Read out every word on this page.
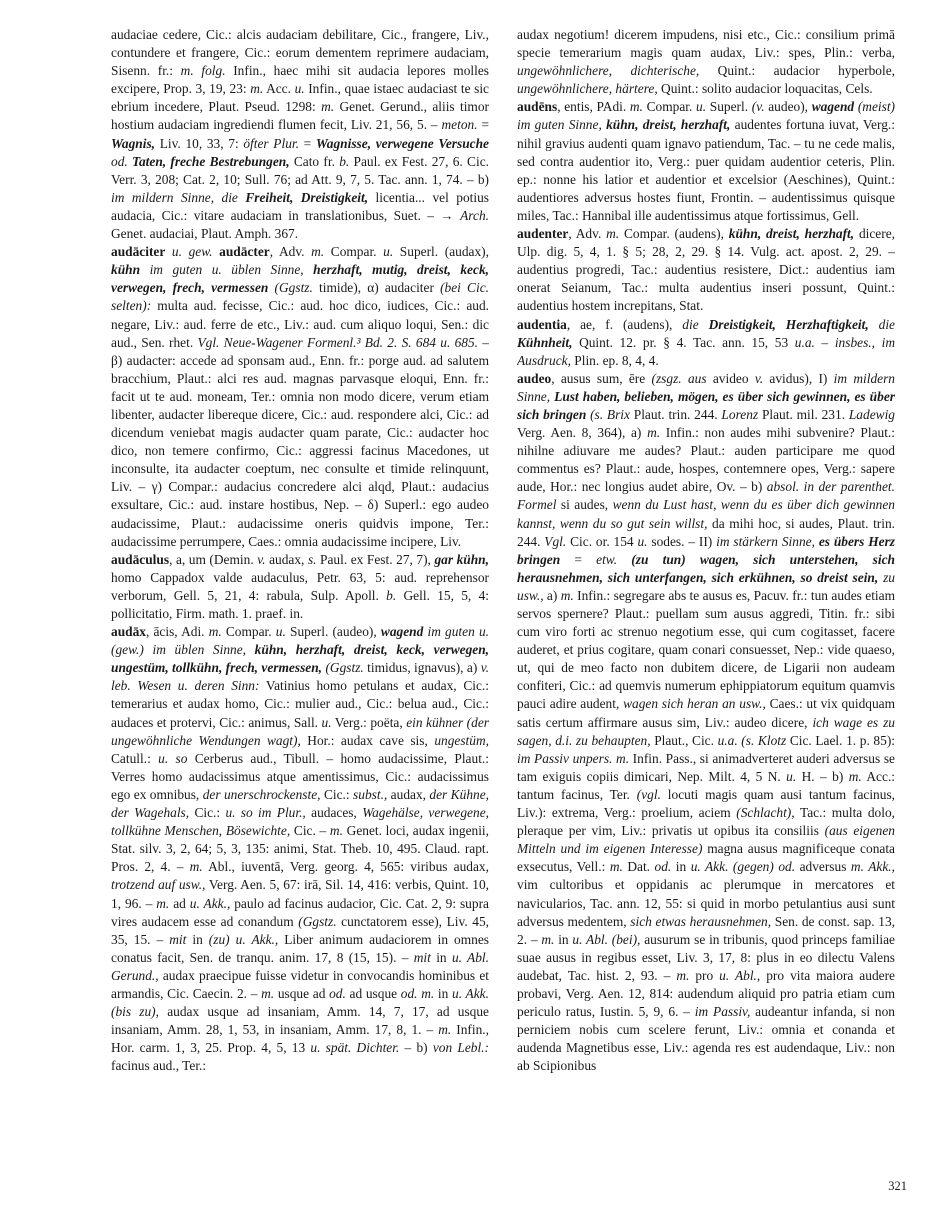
audaciae cedere, Cic.: alcis audaciam debilitare, Cic., frangere, Liv., contundere et frangere, Cic.: eorum dementem reprimere audaciam, Sisenn. fr.: m. folg. Infin., haec mihi sit audacia lepores molles excipere, Prop. 3, 19, 23: m. Acc. u. Infin., quae istaec audaciast te sic ebrium incedere, Plaut. Pseud. 1298: m. Genet. Gerund., aliis timor hostium audaciam ingrediendi flumen fecit, Liv. 21, 56, 5. – meton. = Wagnis, Liv. 10, 33, 7: öfter Plur. = Wagnisse, verwegene Versuche od. Taten, freche Bestrebungen, Cato fr. b. Paul. ex Fest. 27, 6. Cic. Verr. 3, 208; Cat. 2, 10; Sull. 76; ad Att. 9, 7, 5. Tac. ann. 1, 74. – b) im mildern Sinne, die Freiheit, Dreistigkeit, licentia... vel potius audacia, Cic.: vitare audaciam in translationibus, Suet. – → Arch. Genet. audaciai, Plaut. Amph. 367.

audāciter u. gew. audācter, Adv. m. Compar. u. Superl. (audax), kühn im guten u. üblen Sinne, herzhaft, mutig, dreist, keck, verwegen, frech, vermessen (Ggstz. timide), α) audaciter (bei Cic. selten): multa aud. fecisse, Cic.: aud. hoc dico, iudices, Cic.: aud. negare, Liv.: aud. ferre de etc., Liv.: aud. cum aliquo loqui, Sen.: dic aud., Sen. rhet. Vgl. Neue-Wagener Formenl.³ Bd. 2. S. 684 u. 685. – β) audacter: accede ad sponsam aud., Enn. fr.: porge aud. ad salutem bracchium, Plaut.: alci res aud. magnas parvasque eloqui, Enn. fr.: facit ut te aud. moneam, Ter.: omnia non modo dicere, verum etiam libenter, audacter libereque dicere, Cic.: aud. respondere alci, Cic.: ad dicendum veniebat magis audacter quam parate, Cic.: audacter hoc dico, non temere confirmo, Cic.: aggressi facinus Macedones, ut inconsulte, ita audacter coeptum, nec consulte et timide relinquunt, Liv. – γ) Compar.: audacius concredere alci alqd, Plaut.: audacius exsultare, Cic.: aud. instare hostibus, Nep. – δ) Superl.: ego audeo audacissime, Plaut.: audacissime oneris quidvis impone, Ter.: audacissime perrumpere, Caes.: omnia audacissime incipere, Liv.

audāculus, a, um (Demin. v. audax, s. Paul. ex Fest. 27, 7), gar kühn, homo Cappadox valde audaculus, Petr. 63, 5: aud. reprehensor verborum, Gell. 5, 21, 4: rabula, Sulp. Apoll. b. Gell. 15, 5, 4: pollicitatio, Firm. math. 1. praef. in.

audāx, ācis, Adi. m. Compar. u. Superl. (audeo), wagend im guten u. (gew.) im üblen Sinne, kühn, herzhaft, dreist, keck, verwegen, ungestüm, tollkühn, frech, vermessen, (Ggstz. timidus, ignavus), a) v. leb. Wesen u. deren Sinn: Vatinius homo petulans et audax, Cic.: temerarius et audax homo, Cic.: mulier aud., Cic.: belua aud., Cic.: audaces et protervi, Cic.: animus, Sall. u. Verg.: poëta, ein kühner (der ungewöhnliche Wendungen wagt), Hor.: audax cave sis, ungestüm, Catull.: u. so Cerberus aud., Tibull. – homo audacissime, Plaut.: Verres homo audacissimus atque amentissimus, Cic.: audacissimus ego ex omnibus, der unerschrockenste, Cic.: subst., audax, der Kühne, der Wagehals, Cic.: u. so im Plur., audaces, Wagehälse, verwegene, tollkühne Menschen, Bösewichte, Cic. – m. Genet. loci, audax ingenii, Stat. silv. 3, 2, 64; 5, 3, 135: animi, Stat. Theb. 10, 495. Claud. rapt. Pros. 2, 4. – m. Abl., iuventā, Verg. georg. 4, 565: viribus audax, trotzend auf usw., Verg. Aen. 5, 67: irā, Sil. 14, 416: verbis, Quint. 10, 1, 96. – m. ad u. Akk., paulo ad facinus audacior, Cic. Cat. 2, 9: supra vires audacem esse ad conandum (Ggstz. cunctatorem esse), Liv. 45, 35, 15. – mit in (zu) u. Akk., Liber animum audaciorem in omnes conatus facit, Sen. de tranqu. anim. 17, 8 (15, 15). – mit in u. Abl. Gerund., audax praecipue fuisse videtur in convocandis hominibus et armandis, Cic. Caecin. 2. – m. usque ad od. ad usque od. m. in u. Akk. (bis zu), audax usque ad insaniam, Amm. 14, 7, 17, ad usque insaniam, Amm. 28, 1, 53, in insaniam, Amm. 17, 8, 1. – m. Infin., Hor. carm. 1, 3, 25. Prop. 4, 5, 13 u. spät. Dichter. – b) von Lebl.: facinus aud., Ter.:

audax negotium! dicerem impudens, nisi etc., Cic.: consilium primā specie temerarium magis quam audax, Liv.: spes, Plin.: verba, ungewöhnlichere, dichterische, Quint.: audacior hyperbole, ungewöhnlichere, härtere, Quint.: solito audacior loquacitas, Cels.

audēns, entis, PAdi. m. Compar. u. Superl. (v. audeo), wagend (meist) im guten Sinne, kühn, dreist, herzhaft, audentes fortuna iuvat, Verg.: nihil gravius audenti quam ignavo patiendum, Tac. – tu ne cede malis, sed contra audentior ito, Verg.: puer quidam audentior ceteris, Plin. ep.: nonne his latior et audentior et excelsior (Aeschines), Quint.: audentiores adversus hostes fiunt, Frontin. – audentissimus quisque miles, Tac.: Hannibal ille audentissimus atque fortissimus, Gell.

audenter, Adv. m. Compar. (audens), kühn, dreist, herzhaft, dicere, Ulp. dig. 5, 4, 1. § 5; 28, 2, 29. § 14. Vulg. act. apost. 2, 29. – audentius progredi, Tac.: audentius resistere, Dict.: audentius iam onerat Seianum, Tac.: multa audentius inseri possunt, Quint.: audentius hostem increpitans, Stat.

audentia, ae, f. (audens), die Dreistigkeit, Herzhaftigkeit, die Kühnheit, Quint. 12. pr. § 4. Tac. ann. 15, 53 u.a. – insbes., im Ausdruck, Plin. ep. 8, 4, 4.

audeo, ausus sum, ēre (zsgz. aus avideo v. avidus), I) im mildern Sinne, Lust haben, belieben, mögen, es über sich gewinnen, es über sich bringen (s. Brix Plaut. trin. 244. Lorenz Plaut. mil. 231. Ladewig Verg. Aen. 8, 364), a) m. Infin.: non audes mihi subvenire? Plaut.: nihilne adiuvare me audes? Plaut.: auden participare me quod commentus es? Plaut.: aude, hospes, contemnere opes, Verg.: sapere aude, Hor.: nec longius audet abire, Ov. – b) absol. in der parenthet. Formel si audes, wenn du Lust hast, wenn du es über dich gewinnen kannst, wenn du so gut sein willst, da mihi hoc, si audes, Plaut. trin. 244. Vgl. Cic. or. 154 u. sodes. – II) im stärkern Sinne, es übers Herz bringen = etw. (zu tun) wagen, sich unterstehen, sich herausnehmen, sich unterfangen, sich erkühnen, so dreist sein, zu usw., a) m. Infin.: segregare abs te ausus es, Pacuv. fr.: tun audes etiam servos spernere? Plaut.: puellam sum ausus aggredi, Titin. fr.: sibi cum viro forti ac strenuo negotium esse, qui cum cogitasset, facere auderet, et prius cogitare, quam conari consuesset, Nep.: vide quaeso, ut, qui de meo facto non dubitem dicere, de Ligarii non audeam confiteri, Cic.: ad quemvis numerum ephippiatorum equitum quamvis pauci adire audent, wagen sich heran an usw., Caes.: ut vix quidquam satis certum affirmare ausus sim, Liv.: audeo dicere, ich wage es zu sagen, d.i. zu behaupten, Plaut., Cic. u.a. (s. Klotz Cic. Lael. 1. p. 85): im Passiv unpers. m. Infin. Pass., si animadverteret auderi adversus se tam exiguis copiis dimicari, Nep. Milt. 4, 5 N. u. H. – b) m. Acc.: tantum facinus, Ter. (vgl. locuti magis quam ausi tantum facinus, Liv.): extrema, Verg.: proelium, aciem (Schlacht), Tac.: multa dolo, pleraque per vim, Liv.: privatis ut opibus ita consiliis (aus eigenen Mitteln und im eigenen Interesse) magna ausus magnificeque conata exsecutus, Vell.: m. Dat. od. in u. Akk. (gegen) od. adversus m. Akk., vim cultoribus et oppidanis ac plerumque in mercatores et navicularios, Tac. ann. 12, 55: si quid in morbo petulantius ausi sunt adversus medentem, sich etwas herausnehmen, Sen. de const. sap. 13, 2. – m. in u. Abl. (bei), ausurum se in tribunis, quod princeps familiae suae ausus in regibus esset, Liv. 3, 17, 8: plus in eo dilectu Valens audebat, Tac. hist. 2, 93. – m. pro u. Abl., pro vita maiora audere probavi, Verg. Aen. 12, 814: audendum aliquid pro patria etiam cum periculo ratus, Iustin. 5, 9, 6. – im Passiv, audeantur infanda, si non perniciem nobis cum scelere ferunt, Liv.: omnia et conanda et audenda Magnetibus esse, Liv.: agenda res est audendaque, Liv.: non ab Scipionibus

321
